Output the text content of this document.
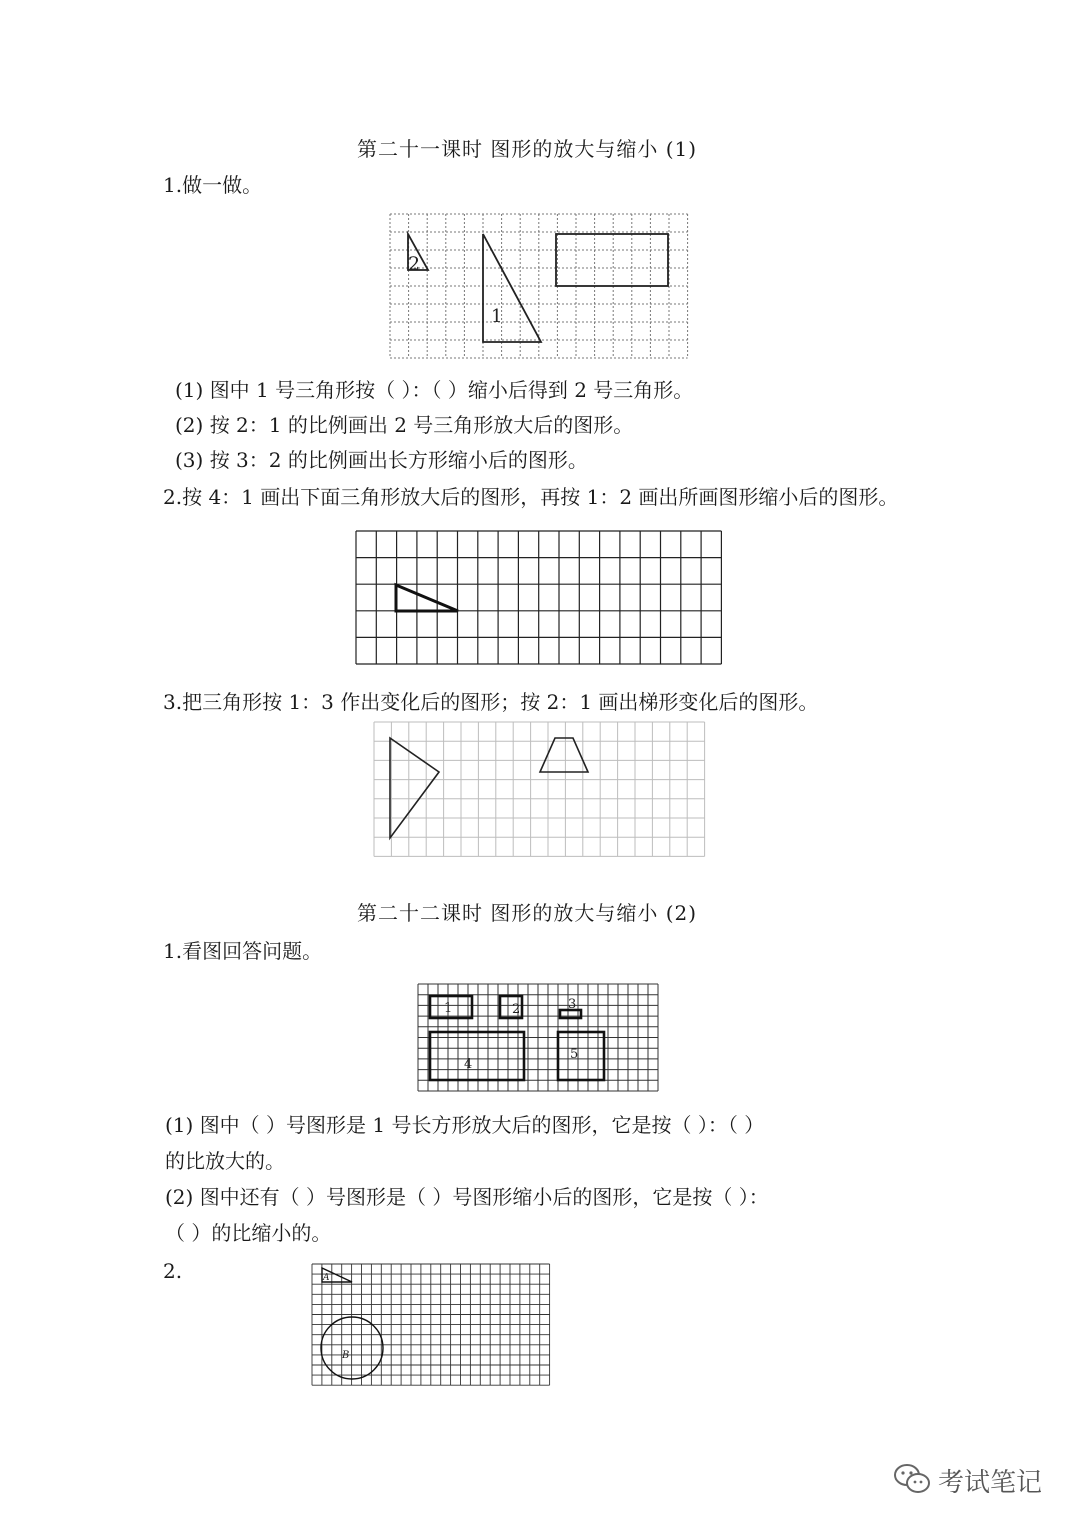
第二十一课时 图形的放大与缩小 (1)
1.做一做。
2
1
(1) 图中 1 号三角形按（ ）：（ ）缩小后得到 2 号三角形。
(2) 按 2：1 的比例画出 2 号三角形放大后的图形。
(3) 按 3：2 的比例画出长方形缩小后的图形。
2.按 4：1 画出下面三角形放大后的图形，再按 1：2 画出所画图形缩小后的图形。
3.把三角形按 1：3 作出变化后的图形；按 2：1 画出梯形变化后的图形。
第二十二课时 图形的放大与缩小 (2)
1.看图回答问题。
1	2	3
4
5
(1) 图中（ ）号图形是 1 号长方形放大后的图形，它是按（ ）：（ ）
的比放大的。
(2) 图中还有（ ）号图形是（ ）号图形缩小后的图形，它是按（ ）：
（ ）的比缩小的。
2.	A
B
考试笔记
